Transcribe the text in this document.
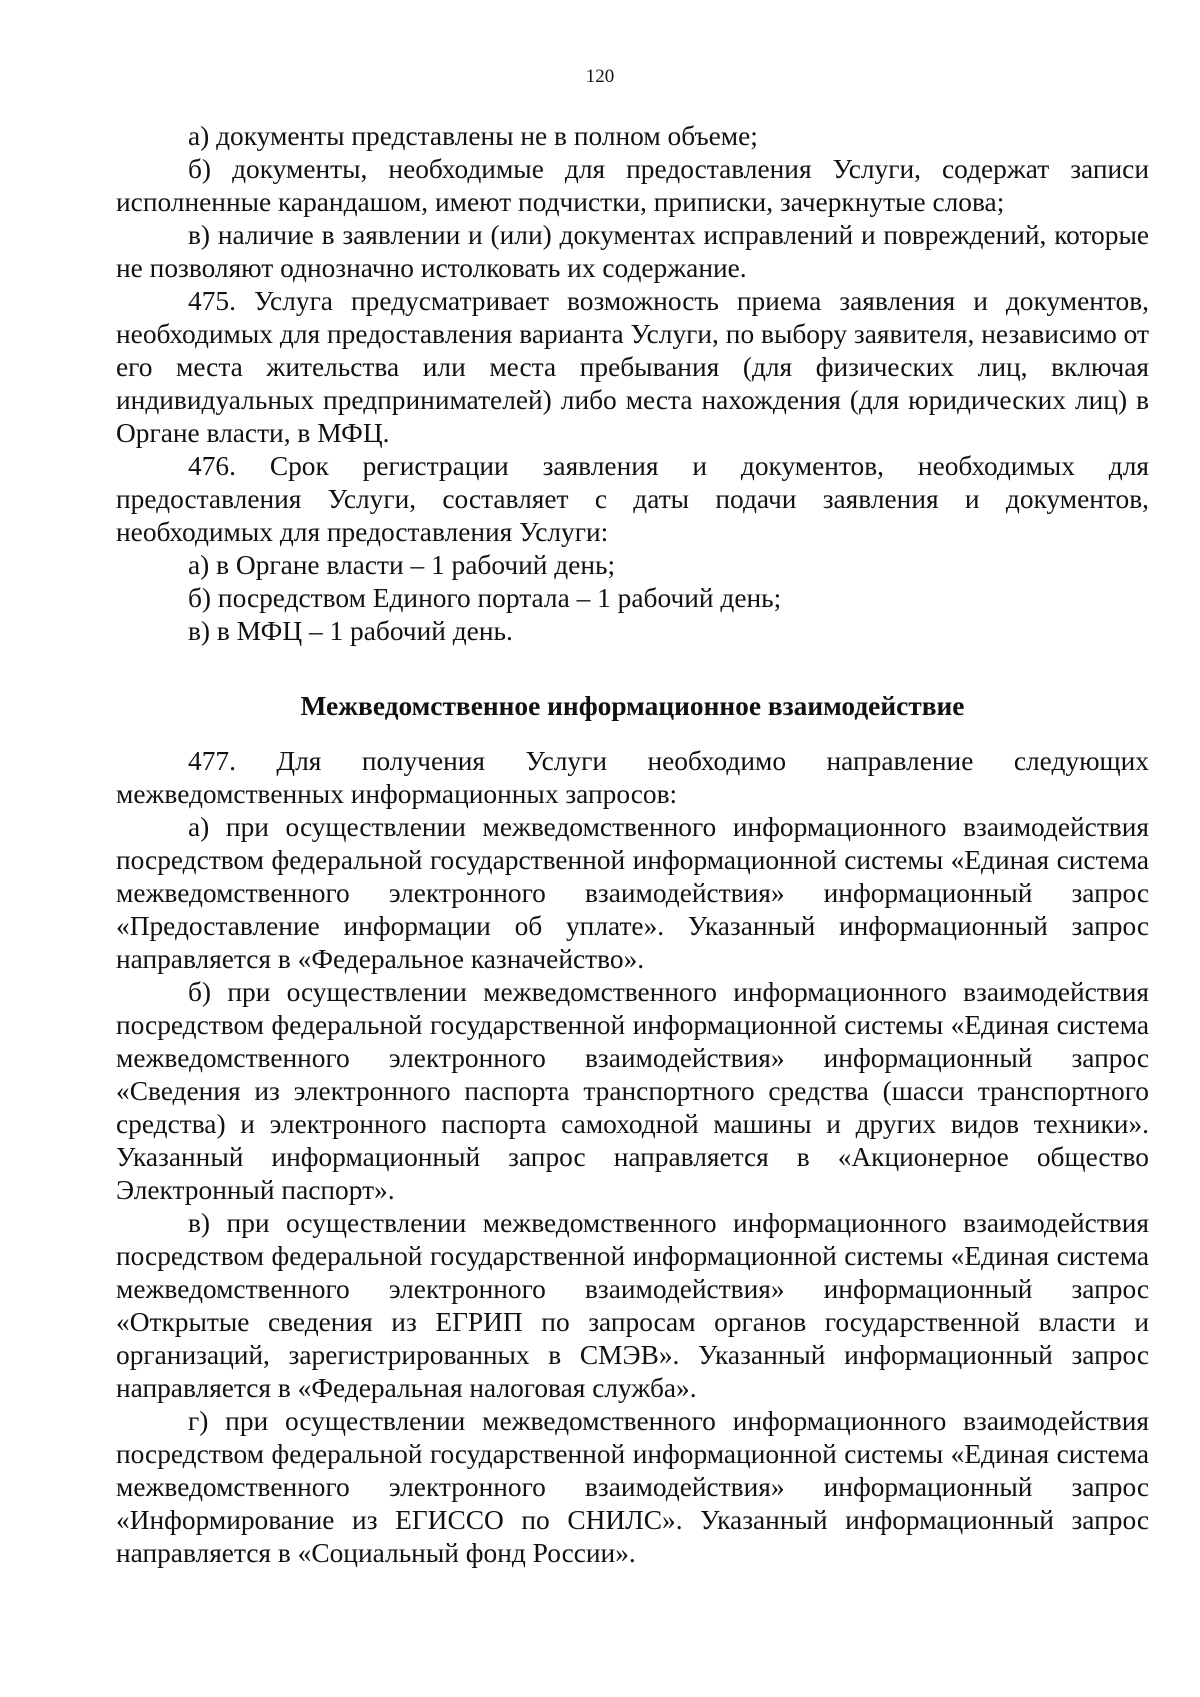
120

а) документы представлены не в полном объеме;

б) документы, необходимые для предоставления Услуги, содержат записи исполненные карандашом, имеют подчистки, приписки, зачеркнутые слова;

в) наличие в заявлении и (или) документах исправлений и повреждений, которые не позволяют однозначно истолковать их содержание.

475. Услуга предусматривает возможность приема заявления и документов, необходимых для предоставления варианта Услуги, по выбору заявителя, независимо от его места жительства или места пребывания (для физических лиц, включая индивидуальных предпринимателей) либо места нахождения (для юридических лиц) в Органе власти, в МФЦ.

476. Срок регистрации заявления и документов, необходимых для предоставления Услуги, составляет с даты подачи заявления и документов, необходимых для предоставления Услуги:

а) в Органе власти – 1 рабочий день;

б) посредством Единого портала – 1 рабочий день;

в) в МФЦ – 1 рабочий день.

Межведомственное информационное взаимодействие

477. Для получения Услуги необходимо направление следующих межведомственных информационных запросов:

а) при осуществлении межведомственного информационного взаимодействия посредством федеральной государственной информационной системы «Единая система межведомственного электронного взаимодействия» информационный запрос «Предоставление информации об уплате». Указанный информационный запрос направляется в «Федеральное казначейство».

б) при осуществлении межведомственного информационного взаимодействия посредством федеральной государственной информационной системы «Единая система межведомственного электронного взаимодействия» информационный запрос «Сведения из электронного паспорта транспортного средства (шасси транспортного средства) и электронного паспорта самоходной машины и других видов техники». Указанный информационный запрос направляется в «Акционерное общество Электронный паспорт».

в) при осуществлении межведомственного информационного взаимодействия посредством федеральной государственной информационной системы «Единая система межведомственного электронного взаимодействия» информационный запрос «Открытые сведения из ЕГРИП по запросам органов государственной власти и организаций, зарегистрированных в СМЭВ». Указанный информационный запрос направляется в «Федеральная налоговая служба».

г) при осуществлении межведомственного информационного взаимодействия посредством федеральной государственной информационной системы «Единая система межведомственного электронного взаимодействия» информационный запрос «Информирование из ЕГИССО по СНИЛС». Указанный информационный запрос направляется в «Социальный фонд России».
